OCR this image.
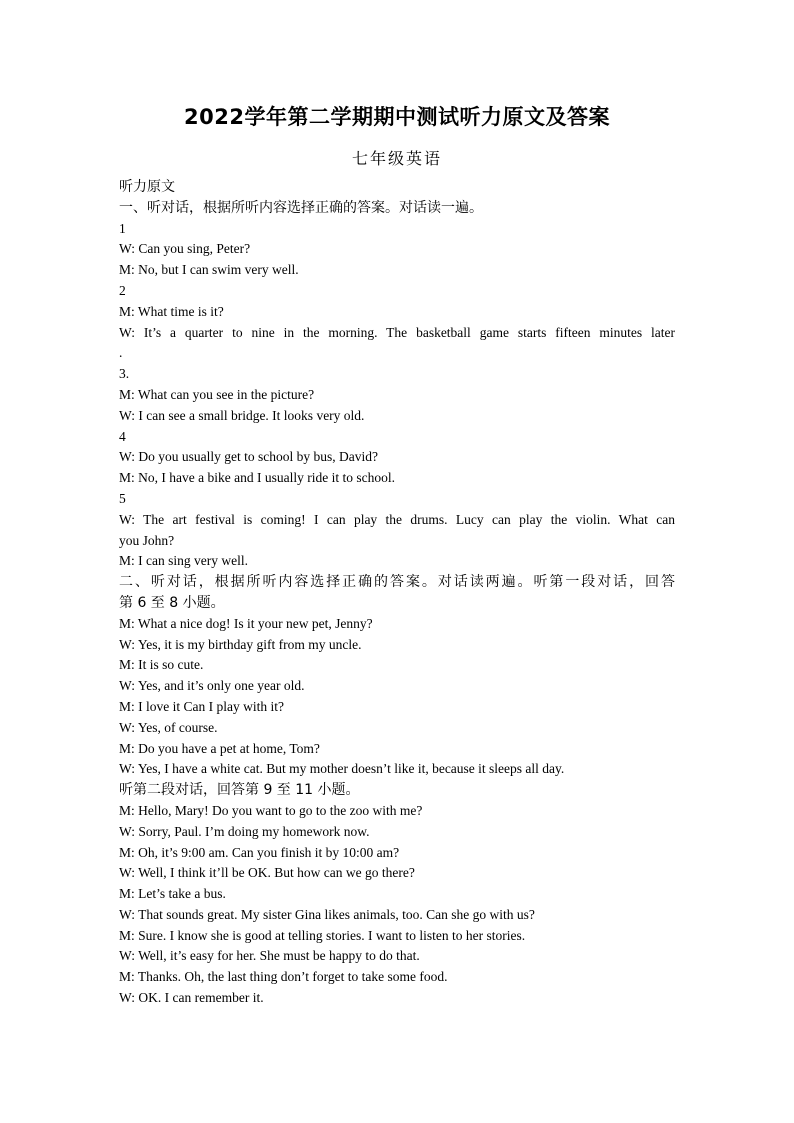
2022学年第二学期期中测试听力原文及答案
七年级英语
听力原文
一、听对话，根据所听内容选择正确的答案。对话读一遍。
1
W: Can you sing, Peter?
M: No, but I can swim very well.
2
M: What time is it?
W: It’s a quarter to nine in the morning. The basketball game starts fifteen minutes later
.
3.
M: What can you see in the picture?
W: I can see a small bridge. It looks very old.
4
W: Do you usually get to school by bus, David?
M: No, I have a bike and I usually ride it to school.
5
W: The art festival is coming! I can play the drums. Lucy can play the violin. What can
you John?
M: I can sing very well.
二、听对话，根据所听内容选择正确的答案。对话读两遍。听第一段对话，回答
第 6 至 8 小题。
M: What a nice dog! Is it your new pet, Jenny?
W: Yes, it is my birthday gift from my uncle.
M: It is so cute.
W: Yes, and it’s only one year old.
M: I love it Can I play with it?
W: Yes, of course.
M: Do you have a pet at home, Tom?
W: Yes, I have a white cat. But my mother doesn’t like it, because it sleeps all day.
听第二段对话，回答第 9 至 11 小题。
M: Hello, Mary! Do you want to go to the zoo with me?
W: Sorry, Paul. I’m doing my homework now.
M: Oh, it’s 9:00 am. Can you finish it by 10:00 am?
W: Well, I think it’ll be OK. But how can we go there?
M: Let’s take a bus.
W: That sounds great. My sister Gina likes animals, too. Can she go with us?
M: Sure. I know she is good at telling stories. I want to listen to her stories.
W: Well, it’s easy for her. She must be happy to do that.
M: Thanks. Oh, the last thing don’t forget to take some food.
W: OK. I can remember it.
